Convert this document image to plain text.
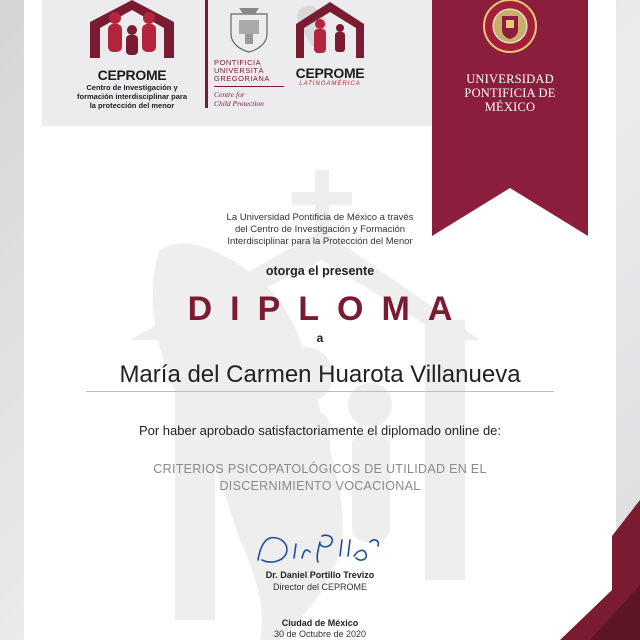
CEPROME
Centro de Investigación y
formación interdisciplinar para
la protección del menor
PONTIFICIA
UNIVERSITÀ
GREGORIANA
Centre for
Child Protection
CEPROME
LATINOAMÉRICA	UNIVERSIDAD
PONTIFICIA DE
MÉXICO
La Universidad Pontificia de México a través
del Centro de Investigación y Formación
Interdisciplinar para la Protección del Menor
otorga el presente
DIPLOMA
a
María del Carmen Huarota Villanueva
Por haber aprobado satisfactoriamente el diplomado online de:
CRITERIOS PSICOPATOLÓGICOS DE UTILIDAD EN EL
DISCERNIMIENTO VOCACIONAL
Dr. Daniel Portillo Trevizo
Director del CEPROME
Ciudad de México
30 de Octubre de 2020
